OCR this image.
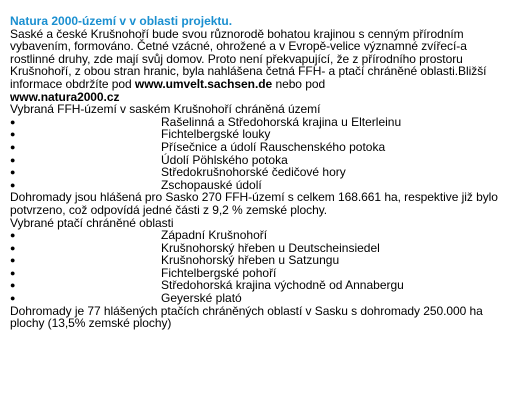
Natura 2000-území v v oblasti projektu.

Saské a české Krušnohoří bude svou různorodě bohatou krajinou s cenným přírodním vybavením, formováno. Četné vzácné, ohrožené a v Evropě-velice významné zvířecí-a rostlinné druhy, zde mají svůj domov. Proto není překvapující, že z přírodního prostoru Krušnohoří, z obou stran hranic, byla nahlášena četná FFH- a ptačí chráněné oblasti.Bližší informace obdržíte pod www.umvelt.sachsen.de nebo pod
www.natura2000.cz

Vybraná FFH-území v saském Krušnohoří chráněná území

●	Rašelinná a Středohorská krajina u Elterleinu
●	Fichtelbergské louky
●	Přísečnice a údolí Rauschenského potoka
●	Údolí Pöhlského potoka
●	Středokrušnohorské čedičové hory
●	Zschopauské údolí

Dohromady jsou hlášená pro Sasko 270 FFH-území s celkem 168.661 ha, respektive již bylo potvrzeno, což odpovídá jedné části z 9,2 % zemské plochy.

Vybrané ptačí chráněné oblasti

●	Západní Krušnohoří
●	Krušnohorský hřeben u Deutscheinsiedel
●	Krušnohorský hřeben u Satzungu
●	Fichtelbergské pohoří
●	Středohorská krajina východně od Annabergu
●	Geyerské plató

Dohromady je 77 hlášených ptačích chráněných oblastí v Sasku s dohromady 250.000 ha plochy (13,5% zemské plochy)
